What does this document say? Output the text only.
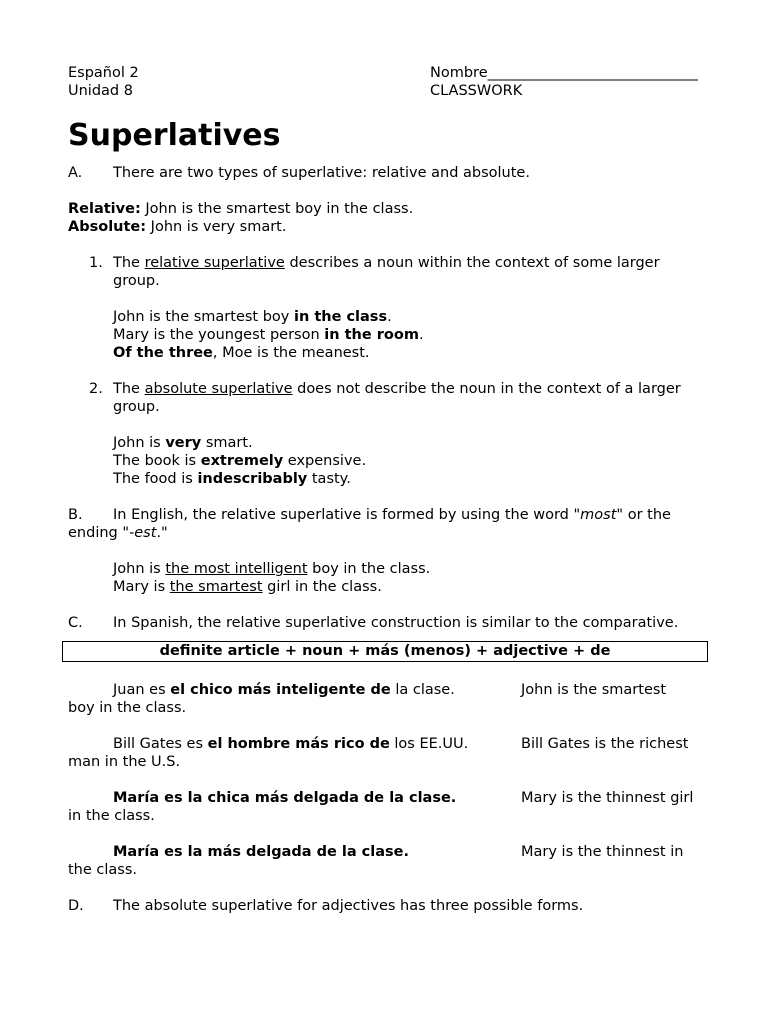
Español 2
Unidad 8
Nombre_____________________________
CLASSWORK
Superlatives

A. There are two types of superlative: relative and absolute.

Relative: John is the smartest boy in the class.

Absolute: John is very smart.

1. The relative superlative describes a noun within the context of some larger group.

John is the smartest boy in the class.

Mary is the youngest person in the room.

Of the three, Moe is the meanest.

2. The absolute superlative does not describe the noun in the context of a larger group.

John is very smart.

The book is extremely expensive.

The food is indescribably tasty.

B. In English, the relative superlative is formed by using the word "most" or the ending "-est."

John is the most intelligent boy in the class.

Mary is the smartest girl in the class.

C. In Spanish, the relative superlative construction is similar to the comparative.

definite article + noun + más (menos) + adjective + de

Juan es el chico más inteligente de la clase.	John is the smartest

boy in the class.

Bill Gates es el hombre más rico de los EE.UU.	Bill Gates is the richest

man in the U.S.

María es la chica más delgada de la clase.	Mary is the thinnest girl

in the class.

María es la más delgada de la clase.	Mary is the thinnest in

the class.

D. The absolute superlative for adjectives has three possible forms.
